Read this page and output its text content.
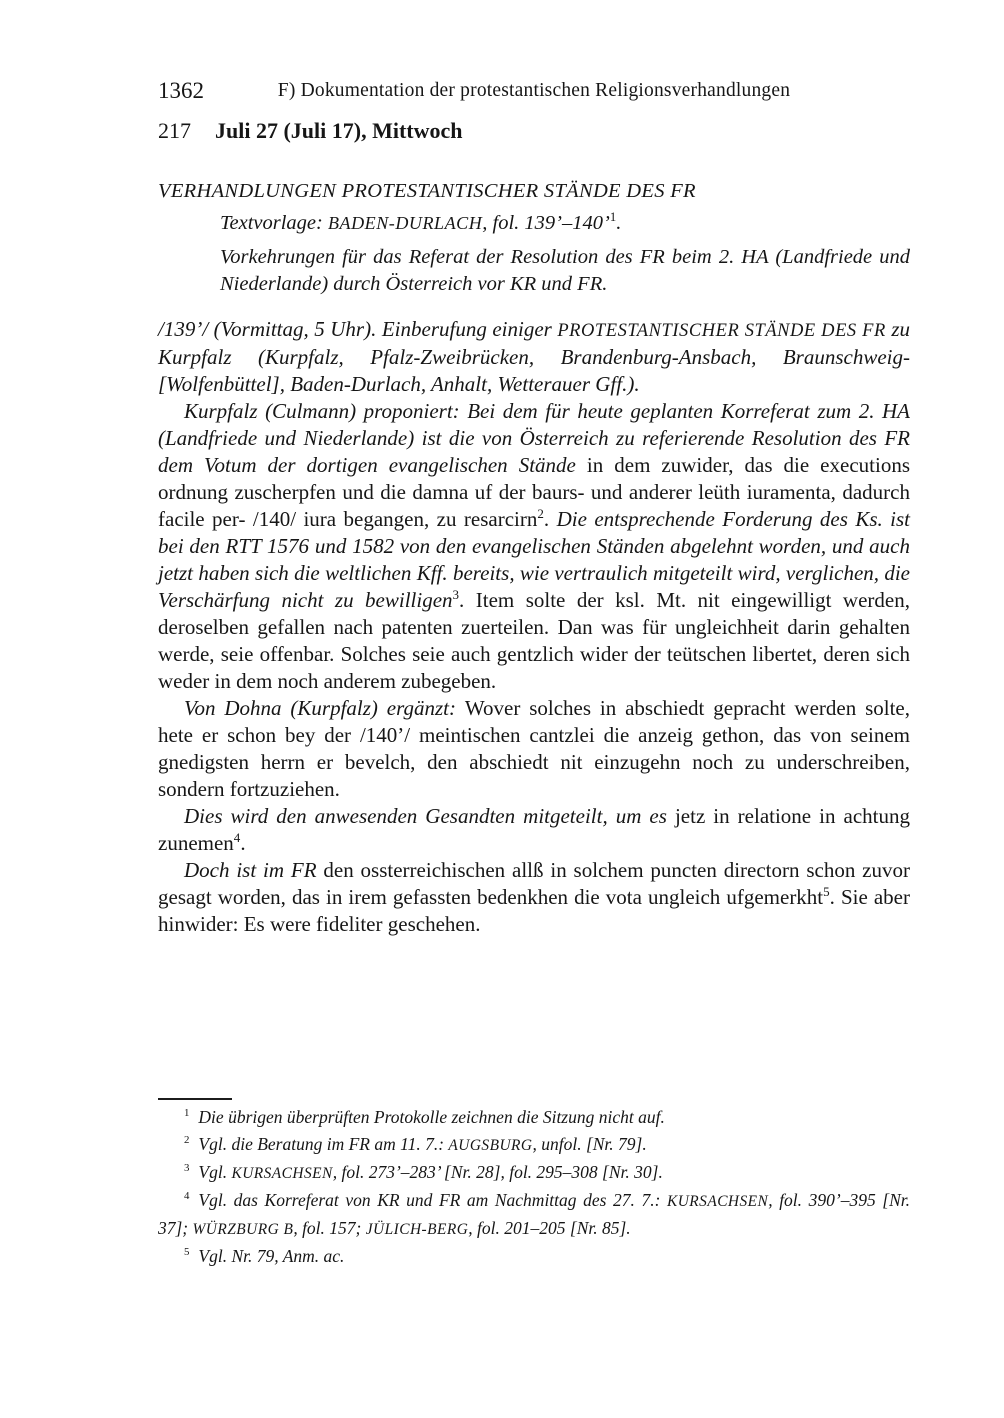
1362	F) Dokumentation der protestantischen Religionsverhandlungen
217 Juli 27 (Juli 17), Mittwoch

VERHANDLUNGEN PROTESTANTISCHER STÄNDE DES FR

Textvorlage: BADEN-DURLACH, fol. 139’–140’$^1$.

Vorkehrungen für das Referat der Resolution des FR beim 2. HA (Landfriede und Niederlande) durch Österreich vor KR und FR.

/139’/ (Vormittag, 5 Uhr). Einberufung einiger PROTESTANTISCHER STÄNDE DES FR zu Kurpfalz (Kurpfalz, Pfalz-Zweibrücken, Brandenburg-Ansbach, Braunschweig-[Wolfenbüttel], Baden-Durlach, Anhalt, Wetterauer Gff.).

Kurpfalz (Culmann) proponiert: Bei dem für heute geplanten Korreferat zum 2. HA (Landfriede und Niederlande) ist die von Österreich zu referierende Resolution des FR dem Votum der dortigen evangelischen Stände in dem zuwider, das die executions ordnung zuscherpfen und die damna uf der baurs- und anderer leüth iuramenta, dadurch facile per- /140/ iura begangen, zu resarcirn$^2$. Die entsprechende Forderung des Ks. ist bei den RTT 1576 und 1582 von den evangelischen Ständen abgelehnt worden, und auch jetzt haben sich die weltlichen Kff. bereits, wie vertraulich mitgeteilt wird, verglichen, die Verschärfung nicht zu bewilligen$^3$. Item solte der ksl. Mt. nit eingewilligt werden, deroselben gefallen nach patenten zuerteilen. Dan was für ungleichheit darin gehalten werde, seie offenbar. Solches seie auch gentzlich wider der teütschen libertet, deren sich weder in dem noch anderem zubegeben.

Von Dohna (Kurpfalz) ergänzt: Wover solches in abschiedt gepracht werden solte, hete er schon bey der /140’/ meintischen cantzlei die anzeig gethon, das von seinem gnedigsten herrn er bevelch, den abschiedt nit einzugehn noch zu underschreiben, sondern fortzuziehen.

Dies wird den anwesenden Gesandten mitgeteilt, um es jetz in relatione in achtung zunemen$^4$.

Doch ist im FR den ossterreichischen allß in solchem puncten directorn schon zuvor gesagt worden, das in irem gefassten bedenkhen die vota ungleich ufgemerkht$^5$. Sie aber hinwider: Es were fideliter geschehen.

$^1$ Die übrigen überprüften Protokolle zeichnen die Sitzung nicht auf.

$^2$ Vgl. die Beratung im FR am 11. 7.: AUGSBURG, unfol. [Nr. 79].

$^3$ Vgl. KURSACHSEN, fol. 273’–283’ [Nr. 28], fol. 295–308 [Nr. 30].

$^4$ Vgl. das Korreferat von KR und FR am Nachmittag des 27. 7.: KURSACHSEN, fol. 390’–395 [Nr. 37]; WÜRZBURG B, fol. 157; JÜLICH-BERG, fol. 201–205 [Nr. 85].

$^5$ Vgl. Nr. 79, Anm. ac.
